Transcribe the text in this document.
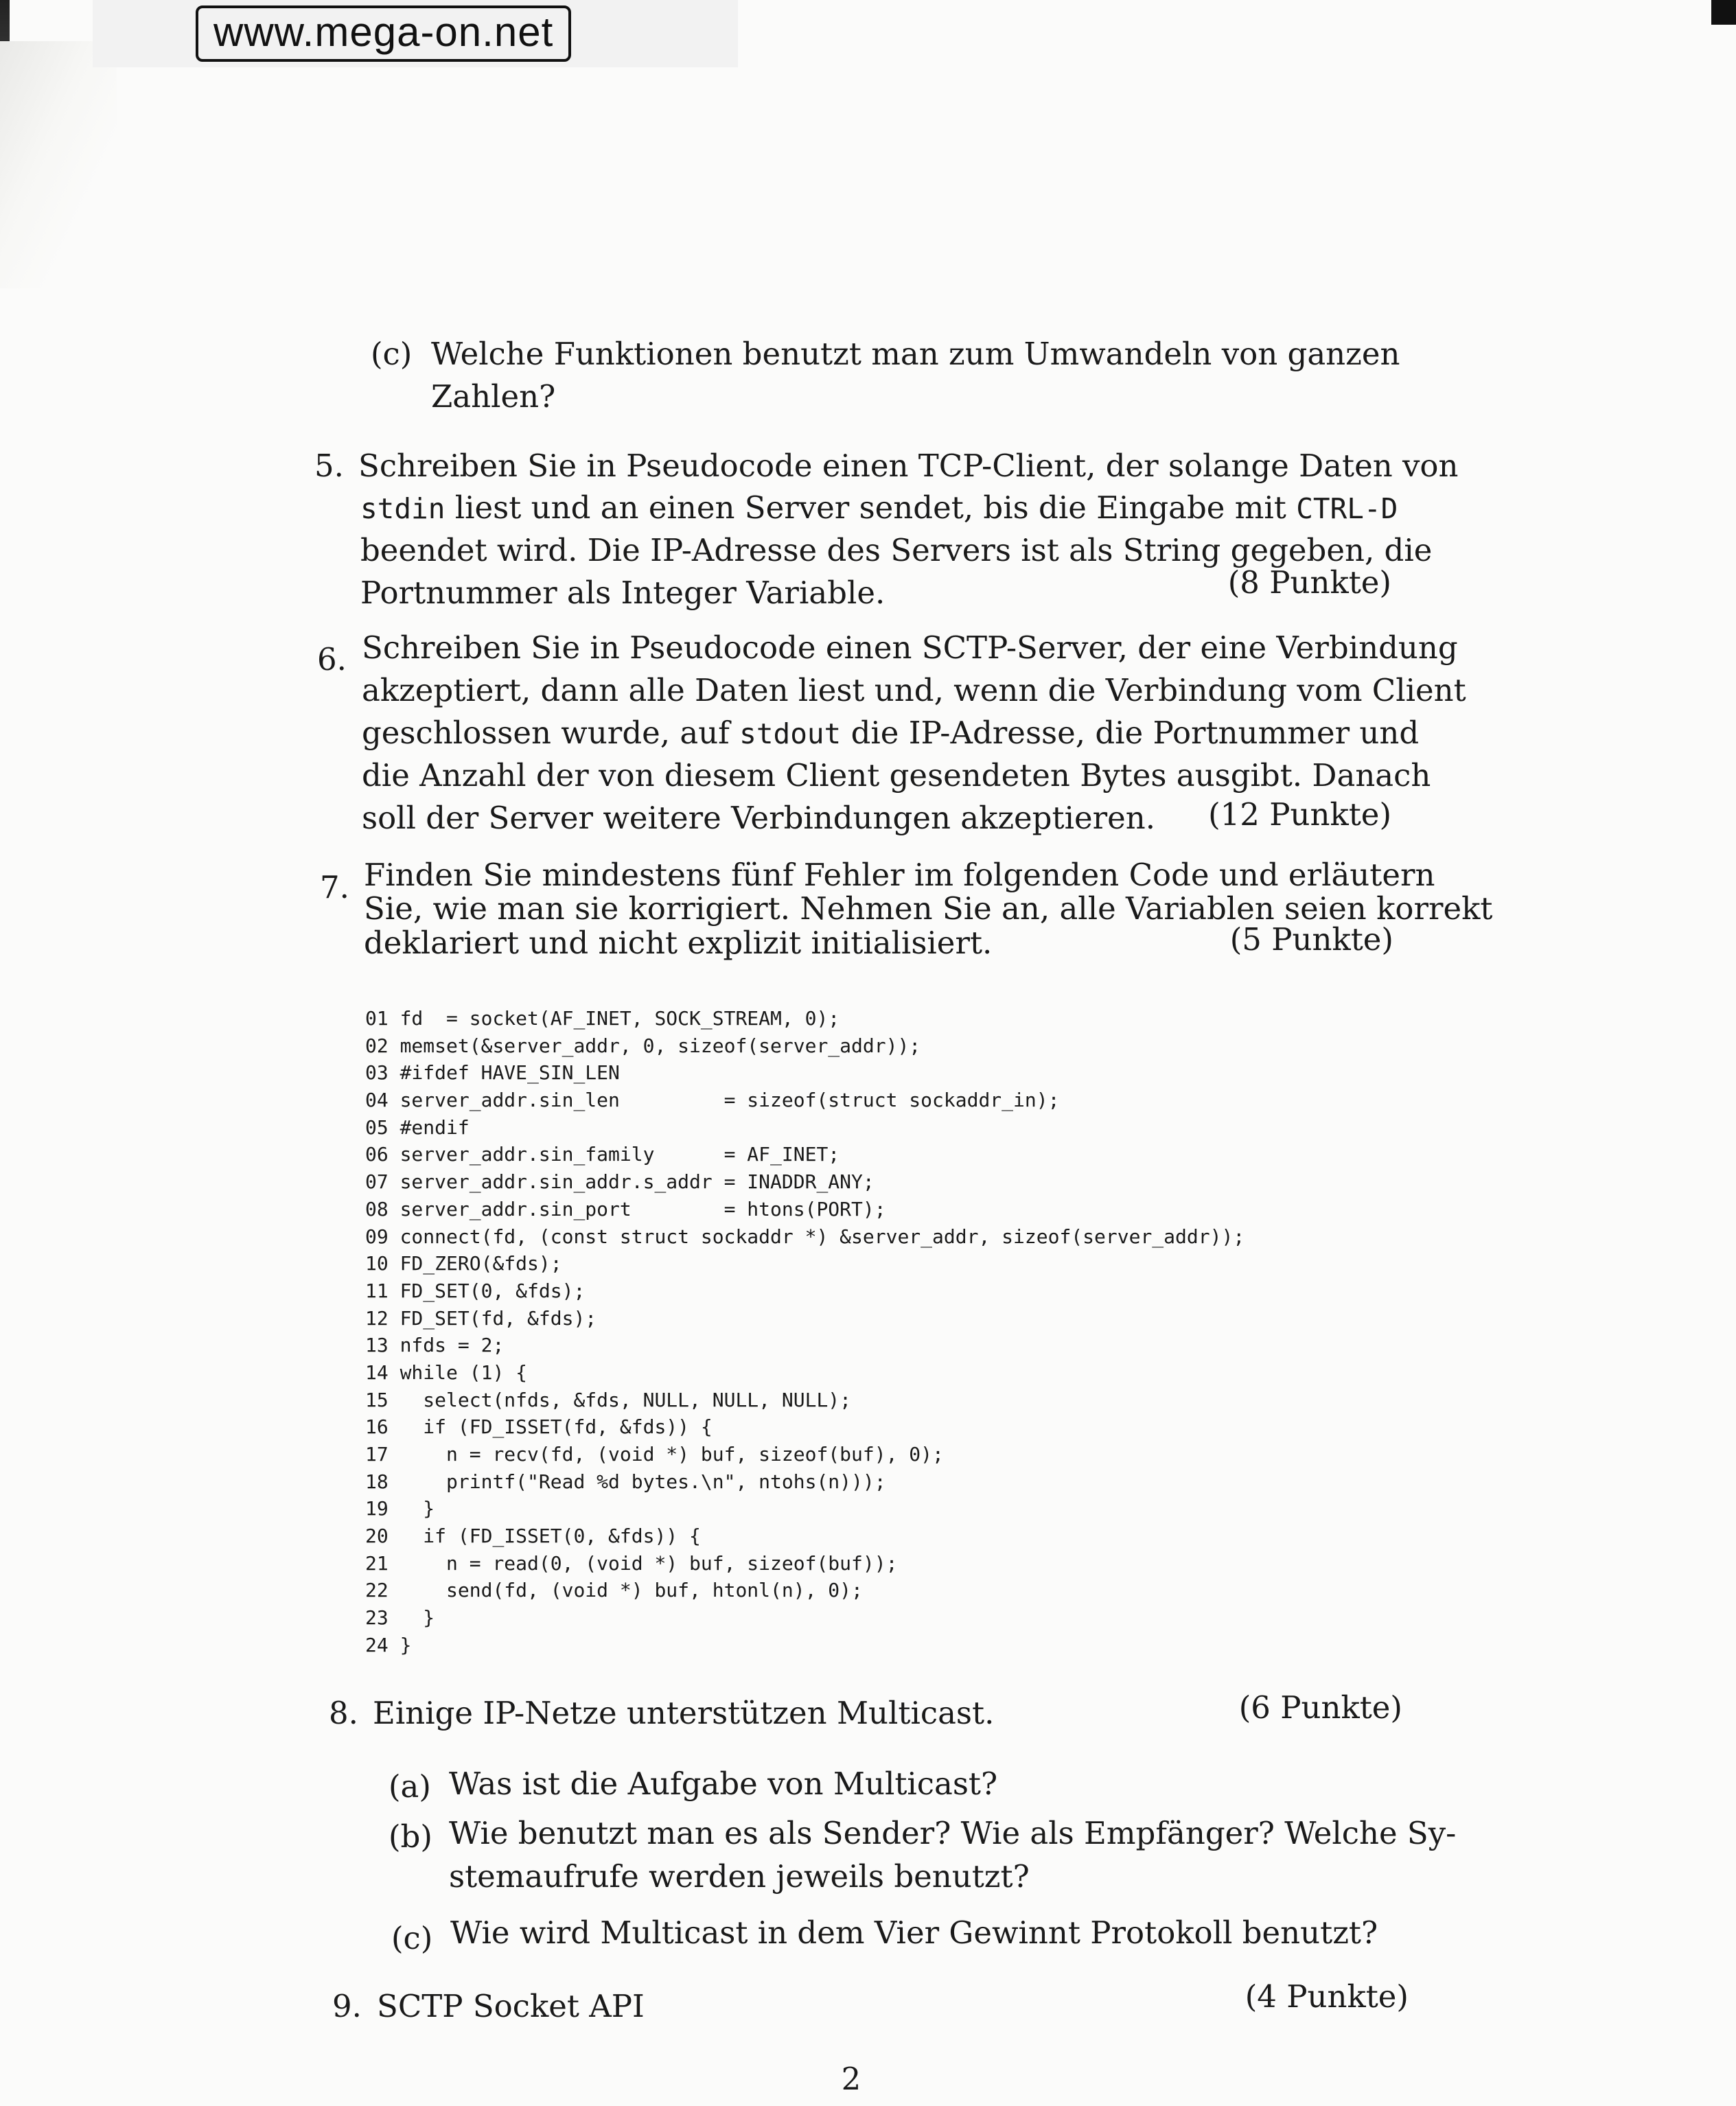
www.mega-on.net
(c) Welche Funktionen benutzt man zum Umwandeln von ganzen
Zahlen?
5. Schreiben Sie in Pseudocode einen TCP-Client, der solange Daten von
stdin liest und an einen Server sendet, bis die Eingabe mit CTRL-D
beendet wird. Die IP-Adresse des Servers ist als String gegeben, die
Portnummer als Integer Variable.	(8 Punkte)
6. Schreiben Sie in Pseudocode einen SCTP-Server, der eine Verbindung
akzeptiert, dann alle Daten liest und, wenn die Verbindung vom Client
geschlossen wurde, auf stdout die IP-Adresse, die Portnummer und
die Anzahl der von diesem Client gesendeten Bytes ausgibt. Danach
soll der Server weitere Verbindungen akzeptieren. (12 Punkte)
7. Finden Sie mindestens fünf Fehler im folgenden Code und erläutern
Sie, wie man sie korrigiert. Nehmen Sie an, alle Variablen seien korrekt
deklariert und nicht explizit initialisiert.	(5 Punkte)
01 fd  = socket(AF_INET, SOCK_STREAM, 0);
02 memset(&server_addr, 0, sizeof(server_addr));
03 #ifdef HAVE_SIN_LEN
04 server_addr.sin_len         = sizeof(struct sockaddr_in);
05 #endif
06 server_addr.sin_family      = AF_INET;
07 server_addr.sin_addr.s_addr = INADDR_ANY;
08 server_addr.sin_port        = htons(PORT);
09 connect(fd, (const struct sockaddr *) &server_addr, sizeof(server_addr));
10 FD_ZERO(&fds);
11 FD_SET(0, &fds);
12 FD_SET(fd, &fds);
13 nfds = 2;
14 while (1) {
15   select(nfds, &fds, NULL, NULL, NULL);
16   if (FD_ISSET(fd, &fds)) {
17     n = recv(fd, (void *) buf, sizeof(buf), 0);
18     printf("Read %d bytes.\n", ntohs(n)));
19   }
20   if (FD_ISSET(0, &fds)) {
21     n = read(0, (void *) buf, sizeof(buf));
22     send(fd, (void *) buf, htonl(n), 0);
23   }
24 }
8. Einige IP-Netze unterstützen Multicast.	(6 Punkte)
(a) Was ist die Aufgabe von Multicast?
(b) Wie benutzt man es als Sender? Wie als Empfänger? Welche Sy-
stemaufrufe werden jeweils benutzt?
(c) Wie wird Multicast in dem Vier Gewinnt Protokoll benutzt?
9. SCTP Socket API	(4 Punkte)
2
